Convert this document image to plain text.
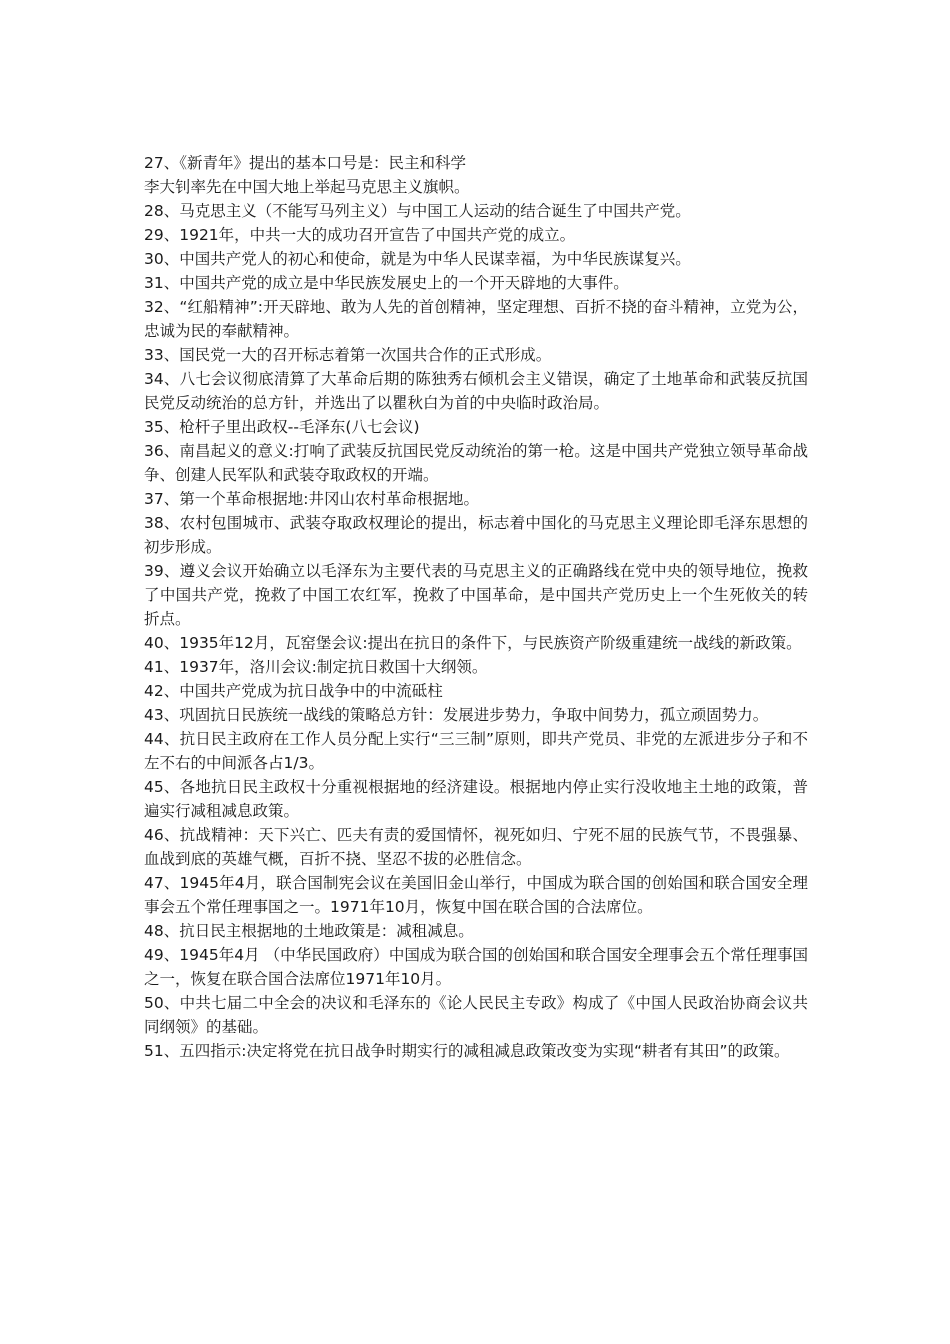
27、《新青年》提出的基本口号是：民主和科学

李大钊率先在中国大地上举起马克思主义旗帜。

28、马克思主义（不能写马列主义）与中国工人运动的结合诞生了中国共产党。

29、1921年，中共一大的成功召开宣告了中国共产党的成立。

30、中国共产党人的初心和使命，就是为中华人民谋幸福，为中华民族谋复兴。

31、中国共产党的成立是中华民族发展史上的一个开天辟地的大事件。

32、“红船精神”:开天辟地、敢为人先的首创精神，坚定理想、百折不挠的奋斗精神，立党为公，忠诚为民的奉献精神。

33、国民党一大的召开标志着第一次国共合作的正式形成。

34、八七会议彻底清算了大革命后期的陈独秀右倾机会主义错误，确定了土地革命和武装反抗国民党反动统治的总方针，并选出了以瞿秋白为首的中央临时政治局。

35、枪杆子里出政权--毛泽东(八七会议)

36、南昌起义的意义:打响了武装反抗国民党反动统治的第一枪。这是中国共产党独立领导革命战争、创建人民军队和武装夺取政权的开端。

37、第一个革命根据地:井冈山农村革命根据地。

38、农村包围城市、武装夺取政权理论的提出，标志着中国化的马克思主义理论即毛泽东思想的初步形成。

39、遵义会议开始确立以毛泽东为主要代表的马克思主义的正确路线在党中央的领导地位，挽救了中国共产党，挽救了中国工农红军，挽救了中国革命，是中国共产党历史上一个生死攸关的转折点。

40、1935年12月，瓦窑堡会议:提出在抗日的条件下，与民族资产阶级重建统一战线的新政策。

41、1937年，洛川会议:制定抗日救国十大纲领。

42、中国共产党成为抗日战争中的中流砥柱

43、巩固抗日民族统一战线的策略总方针：发展进步势力，争取中间势力，孤立顽固势力。

44、抗日民主政府在工作人员分配上实行“三三制”原则，即共产党员、非党的左派进步分子和不左不右的中间派各占1/3。

45、各地抗日民主政权十分重视根据地的经济建设。根据地内停止实行没收地主土地的政策，普遍实行减租减息政策。

46、抗战精神：天下兴亡、匹夫有责的爱国情怀，视死如归、宁死不屈的民族气节，不畏强暴、血战到底的英雄气概，百折不挠、坚忍不拔的必胜信念。

47、1945年4月，联合国制宪会议在美国旧金山举行，中国成为联合国的创始国和联合国安全理事会五个常任理事国之一。1971年10月，恢复中国在联合国的合法席位。

48、抗日民主根据地的土地政策是：减租减息。

49、1945年4月 （中华民国政府）中国成为联合国的创始国和联合国安全理事会五个常任理事国之一，恢复在联合国合法席位1971年10月。

50、中共七届二中全会的决议和毛泽东的《论人民民主专政》构成了《中国人民政治协商会议共同纲领》的基础。

51、五四指示:决定将党在抗日战争时期实行的减租减息政策改变为实现“耕者有其田”的政策。
